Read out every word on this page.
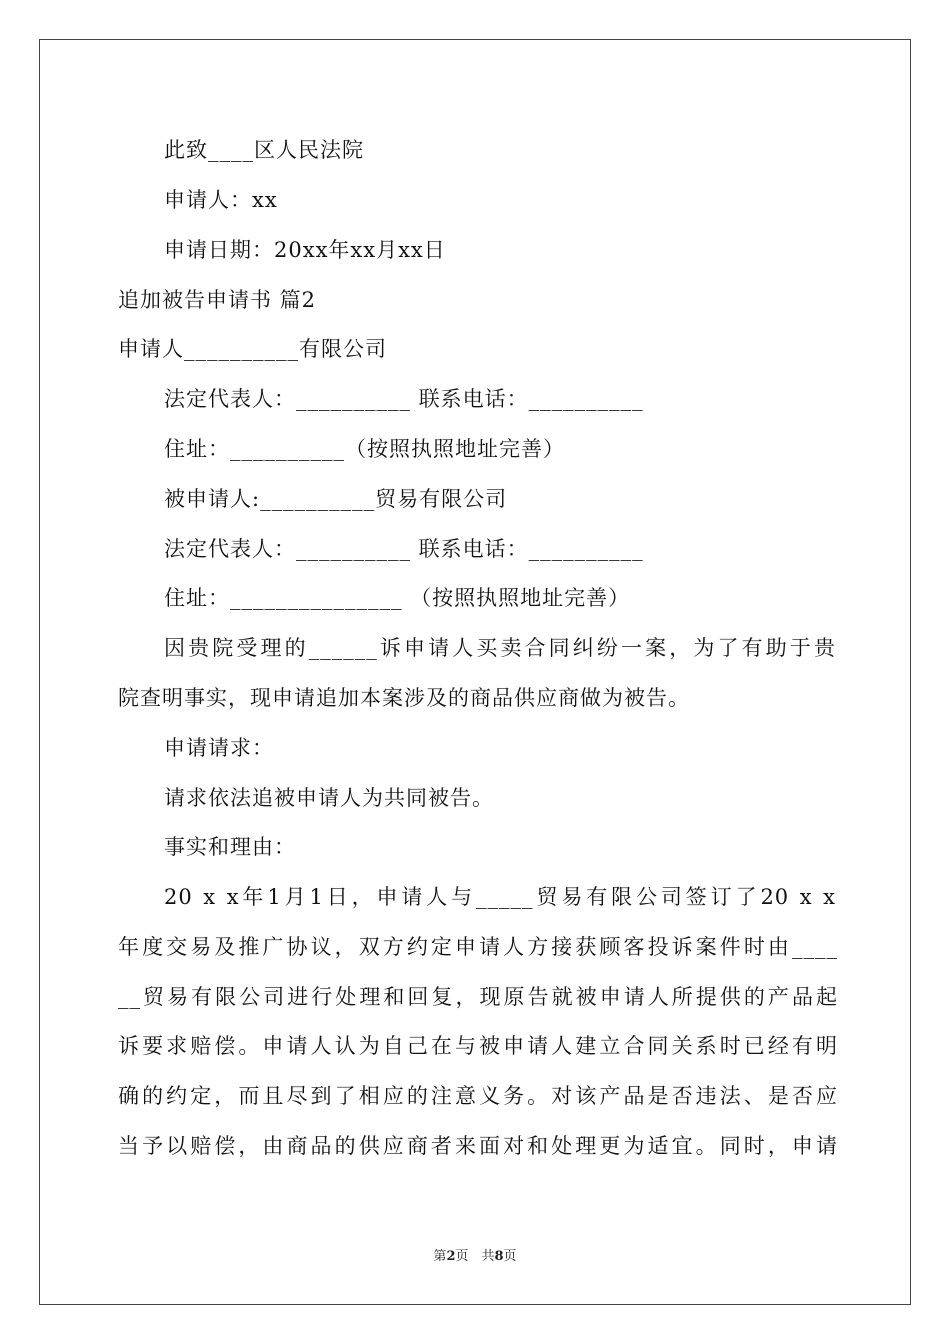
此致____区人民法院
申请人：xx
申请日期：20xx年xx月xx日
追加被告申请书 篇2
申请人__________有限公司
法定代表人：__________ 联系电话：__________
住址：__________（按照执照地址完善）
被申请人:__________贸易有限公司
法定代表人：__________ 联系电话：__________
住址：_______________ （按照执照地址完善）
因贵院受理的______诉申请人买卖合同纠纷一案，为了有助于贵
院查明事实，现申请追加本案涉及的商品供应商做为被告。
申请请求：
请求依法追被申请人为共同被告。
事实和理由：
20 x x年1月1日，申请人与_____贸易有限公司签订了20 x x
年度交易及推广协议，双方约定申请人方接获顾客投诉案件时由____
__贸易有限公司进行处理和回复，现原告就被申请人所提供的产品起
诉要求赔偿。申请人认为自己在与被申请人建立合同关系时已经有明
确的约定，而且尽到了相应的注意义务。对该产品是否违法、是否应
当予以赔偿，由商品的供应商者来面对和处理更为适宜。同时，申请
第2页　共8页
